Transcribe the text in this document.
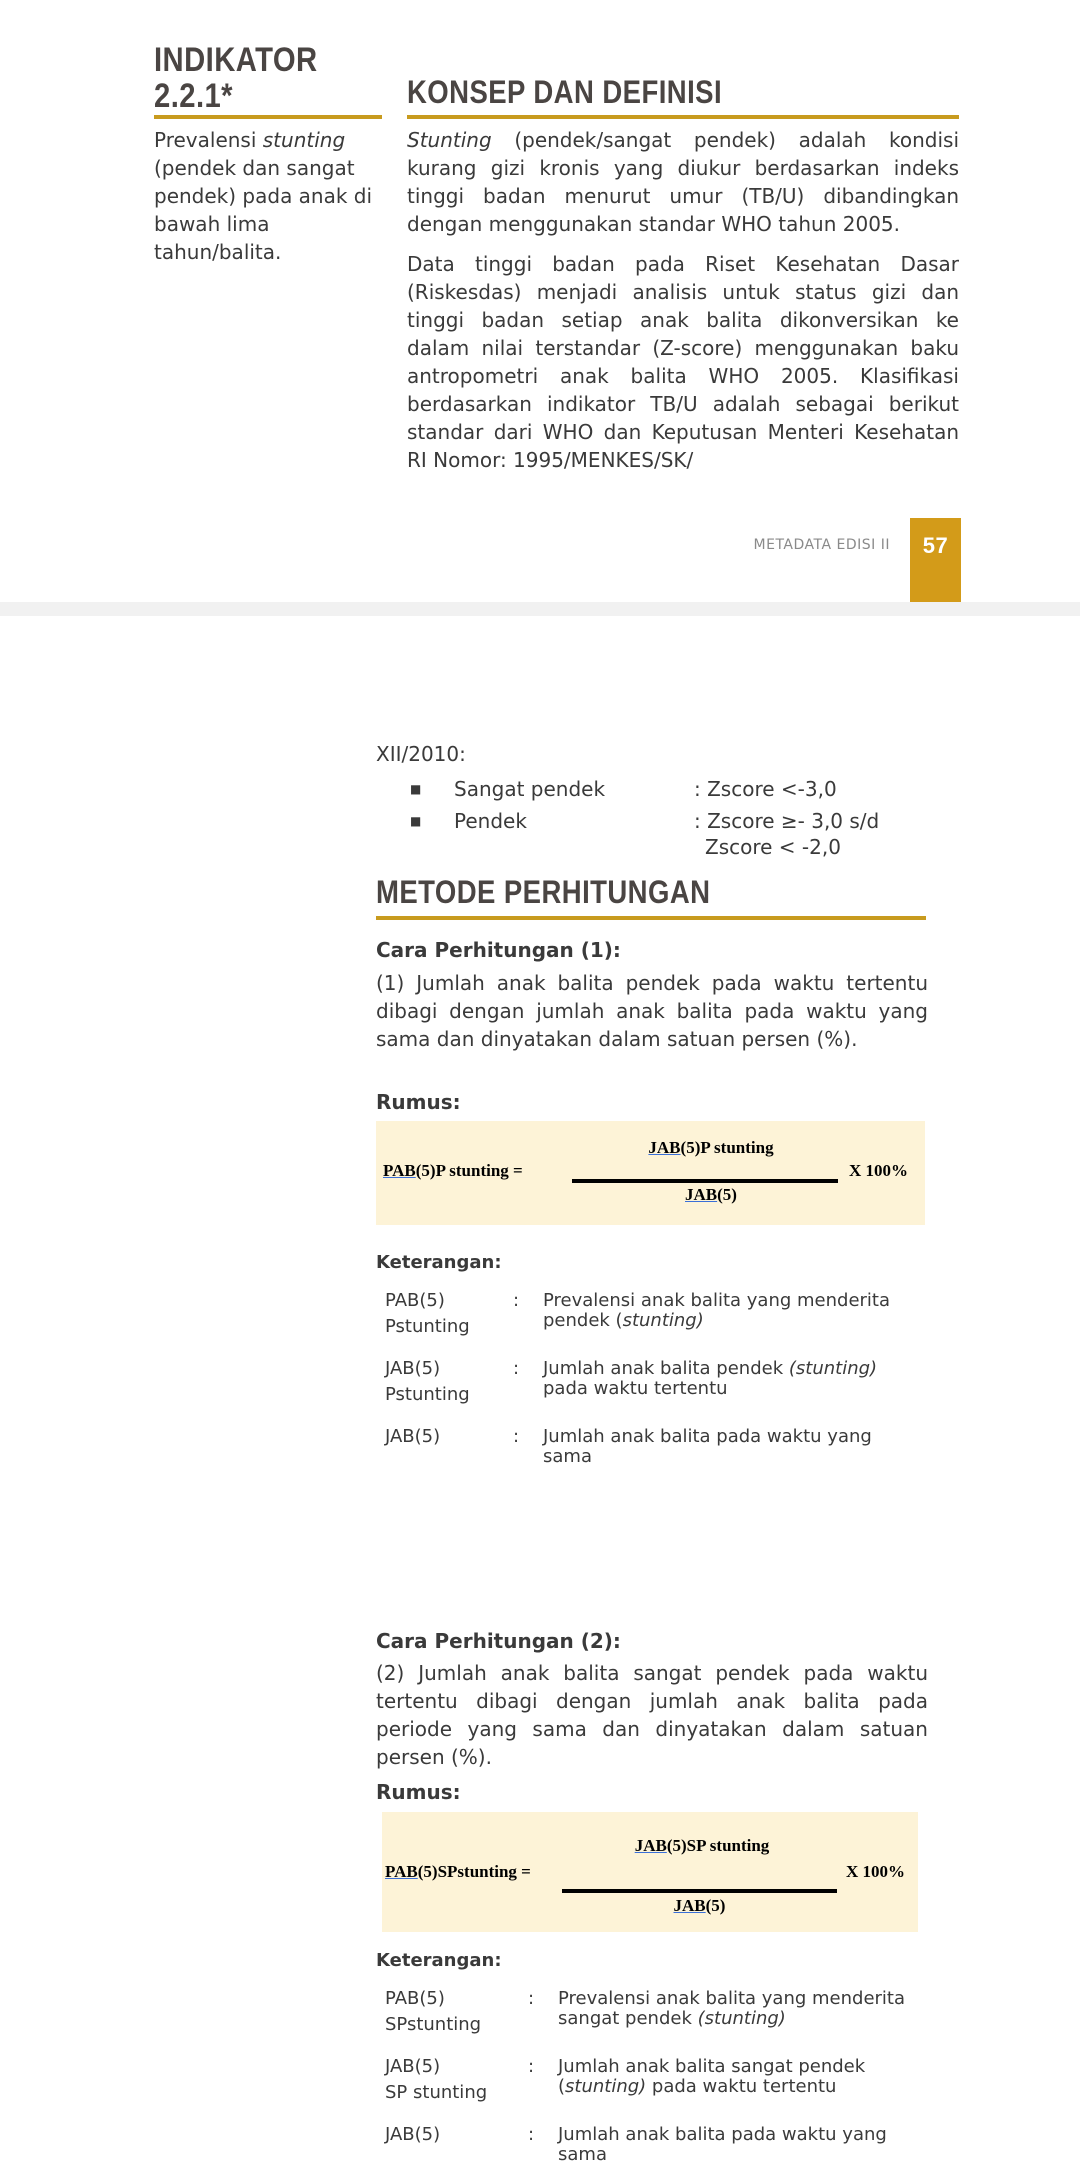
INDIKATOR
2.2.1*
Prevalensi stunting (pendek dan sangat pendek) pada anak di bawah lima tahun/balita.
KONSEP DAN DEFINISI

Stunting (pendek/sangat pendek) adalah kondisi kurang gizi kronis yang diukur berdasarkan indeks tinggi badan menurut umur (TB/U) dibandingkan dengan menggunakan standar WHO tahun 2005.

Data tinggi badan pada Riset Kesehatan Dasar (Riskesdas) menjadi analisis untuk status gizi dan tinggi badan setiap anak balita dikonversikan ke dalam nilai terstandar (Z-score) menggunakan baku antropometri anak balita WHO 2005. Klasifikasi berdasarkan indikator TB/U adalah sebagai berikut standar dari WHO dan Keputusan Menteri Kesehatan RI Nomor: 1995/MENKES/SK/

METADATA EDISI II	57
XII/2010:
■	Sangat pendek	: Zscore <-3,0
■	Pendek	: Zscore ≥- 3,0 s/d
Zscore < -2,0
METODE PERHITUNGAN
Cara Perhitungan (1):
(1) Jumlah anak balita pendek pada waktu tertentu dibagi dengan jumlah anak balita pada waktu yang sama dan dinyatakan dalam satuan persen (%).
Rumus:
PAB(5)P stunting =
JAB(5)P stunting
JAB(5)
X 100%
Keterangan:
PAB(5)
Pstunting
:	Prevalensi anak balita yang menderita pendek (stunting)
JAB(5)
Pstunting
:	Jumlah anak balita pendek (stunting) pada waktu tertentu
JAB(5)	:	Jumlah anak balita pada waktu yang sama
Cara Perhitungan (2):
(2) Jumlah anak balita sangat pendek pada waktu tertentu dibagi dengan jumlah anak balita pada periode yang sama dan dinyatakan dalam satuan persen (%).
Rumus:
PAB(5)SPstunting =
JAB(5)SP stunting
JAB(5)
X 100%
Keterangan:
PAB(5)
SPstunting
:	Prevalensi anak balita yang menderita sangat pendek (stunting)
JAB(5)
SP stunting
:	Jumlah anak balita sangat pendek (stunting) pada waktu tertentu
JAB(5)	:	Jumlah anak balita pada waktu yang sama
